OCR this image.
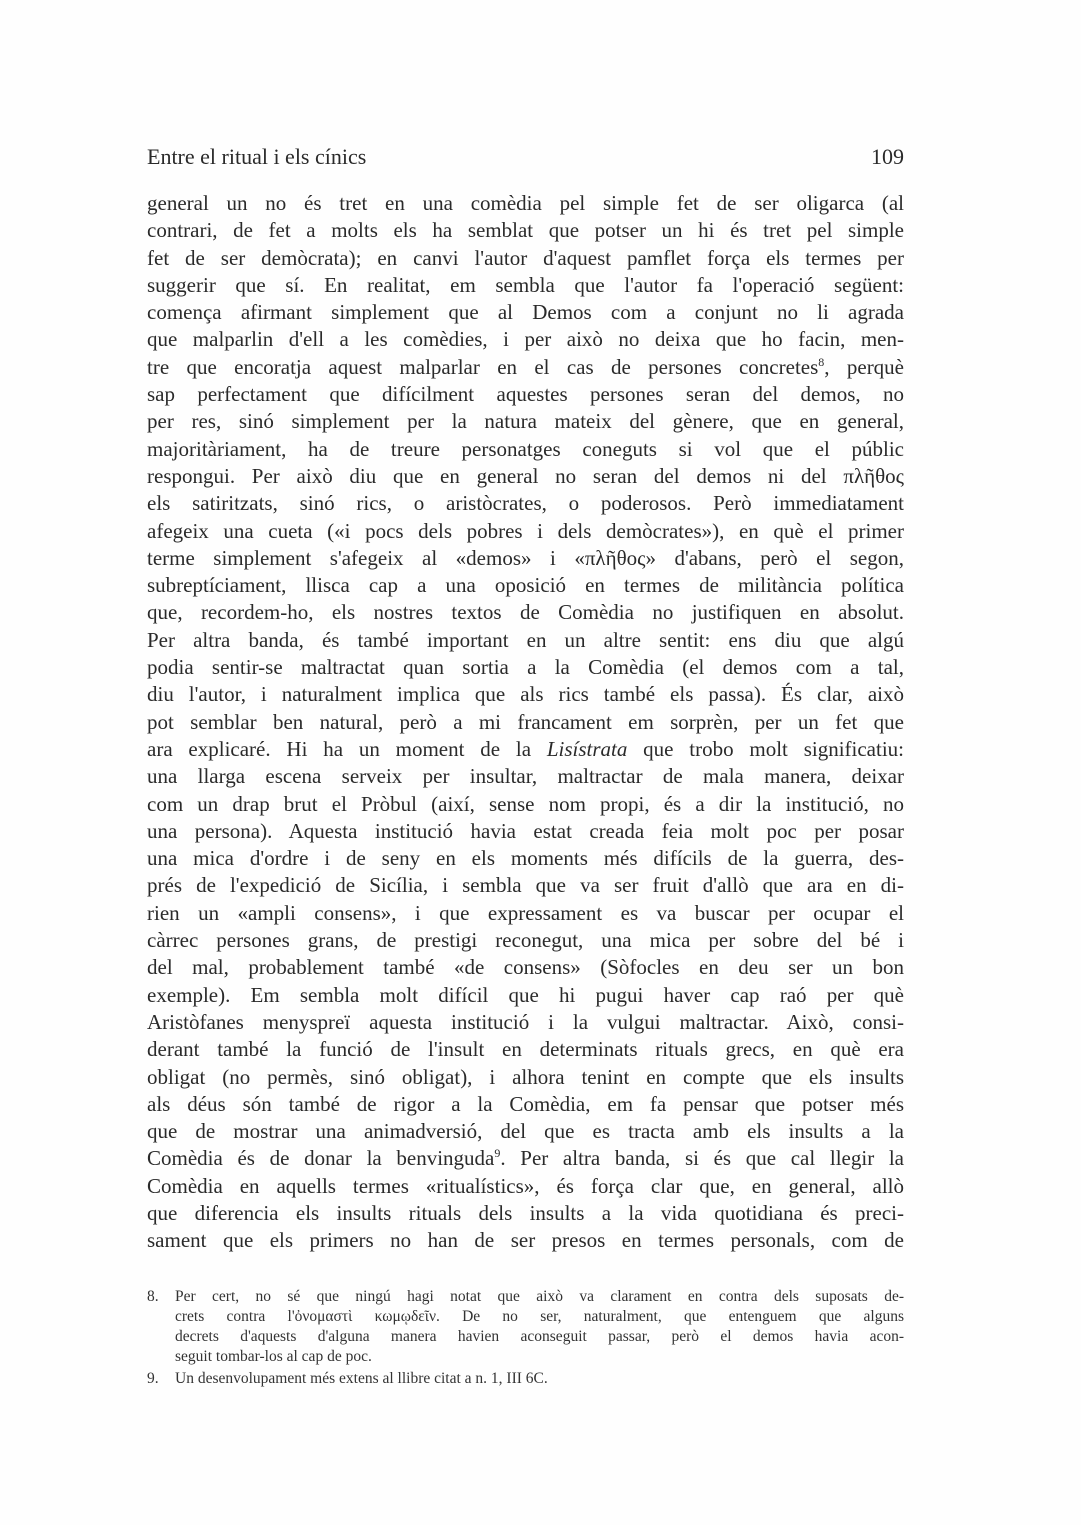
Entre el ritual i els cínics	109
general un no és tret en una comèdia pel simple fet de ser oligarca (al
contrari, de fet a molts els ha semblat que potser un hi és tret pel simple
fet de ser demòcrata); en canvi l'autor d'aquest pamflet força els termes per
suggerir que sí. En realitat, em sembla que l'autor fa l'operació següent:
comença afirmant simplement que al Demos com a conjunt no li agrada
que malparlin d'ell a les comèdies, i per això no deixa que ho facin, men-
tre que encoratja aquest malparlar en el cas de persones concretes$^8$, perquè
sap perfectament que difícilment aquestes persones seran del demos, no
per res, sinó simplement per la natura mateix del gènere, que en general,
majoritàriament, ha de treure personatges coneguts si vol que el públic
respongui. Per això diu que en general no seran del demos ni del πλῆθος
els satiritzats, sinó rics, o aristòcrates, o poderosos. Però immediatament
afegeix una cueta («i pocs dels pobres i dels demòcrates»), en què el primer
terme simplement s'afegeix al «demos» i «πλῆθος» d'abans, però el segon,
subreptíciament, llisca cap a una oposició en termes de militància política
que, recordem-ho, els nostres textos de Comèdia no justifiquen en absolut.
Per altra banda, és també important en un altre sentit: ens diu que algú
podia sentir-se maltractat quan sortia a la Comèdia (el demos com a tal,
diu l'autor, i naturalment implica que als rics també els passa). És clar, això
pot semblar ben natural, però a mi francament em sorprèn, per un fet que
ara explicaré. Hi ha un moment de la Lisístrata que trobo molt significatiu:
una llarga escena serveix per insultar, maltractar de mala manera, deixar
com un drap brut el Pròbul (així, sense nom propi, és a dir la institució, no
una persona). Aquesta institució havia estat creada feia molt poc per posar
una mica d'ordre i de seny en els moments més difícils de la guerra, des-
prés de l'expedició de Sicília, i sembla que va ser fruit d'allò que ara en di-
rien un «ampli consens», i que expressament es va buscar per ocupar el
càrrec persones grans, de prestigi reconegut, una mica per sobre del bé i
del mal, probablement també «de consens» (Sòfocles en deu ser un bon
exemple). Em sembla molt difícil que hi pugui haver cap raó per què
Aristòfanes menyspreï aquesta institució i la vulgui maltractar. Això, consi-
derant també la funció de l'insult en determinats rituals grecs, en què era
obligat (no permès, sinó obligat), i alhora tenint en compte que els insults
als déus són també de rigor a la Comèdia, em fa pensar que potser més
que de mostrar una animadversió, del que es tracta amb els insults a la
Comèdia és de donar la benvinguda$^9$. Per altra banda, si és que cal llegir la
Comèdia en aquells termes «ritualístics», és força clar que, en general, allò
que diferencia els insults rituals dels insults a la vida quotidiana és preci-
sament que els primers no han de ser presos en termes personals, com de
8. Per cert, no sé que ningú hagi notat que això va clarament en contra dels suposats de-
crets contra l'ὀνομαστὶ κωμῳδεῖν. De no ser, naturalment, que entenguem que alguns
decrets d'aquests d'alguna manera havien aconseguit passar, però el demos havia acon-
seguit tombar-los al cap de poc.
9. Un desenvolupament més extens al llibre citat a n. 1, III 6C.
